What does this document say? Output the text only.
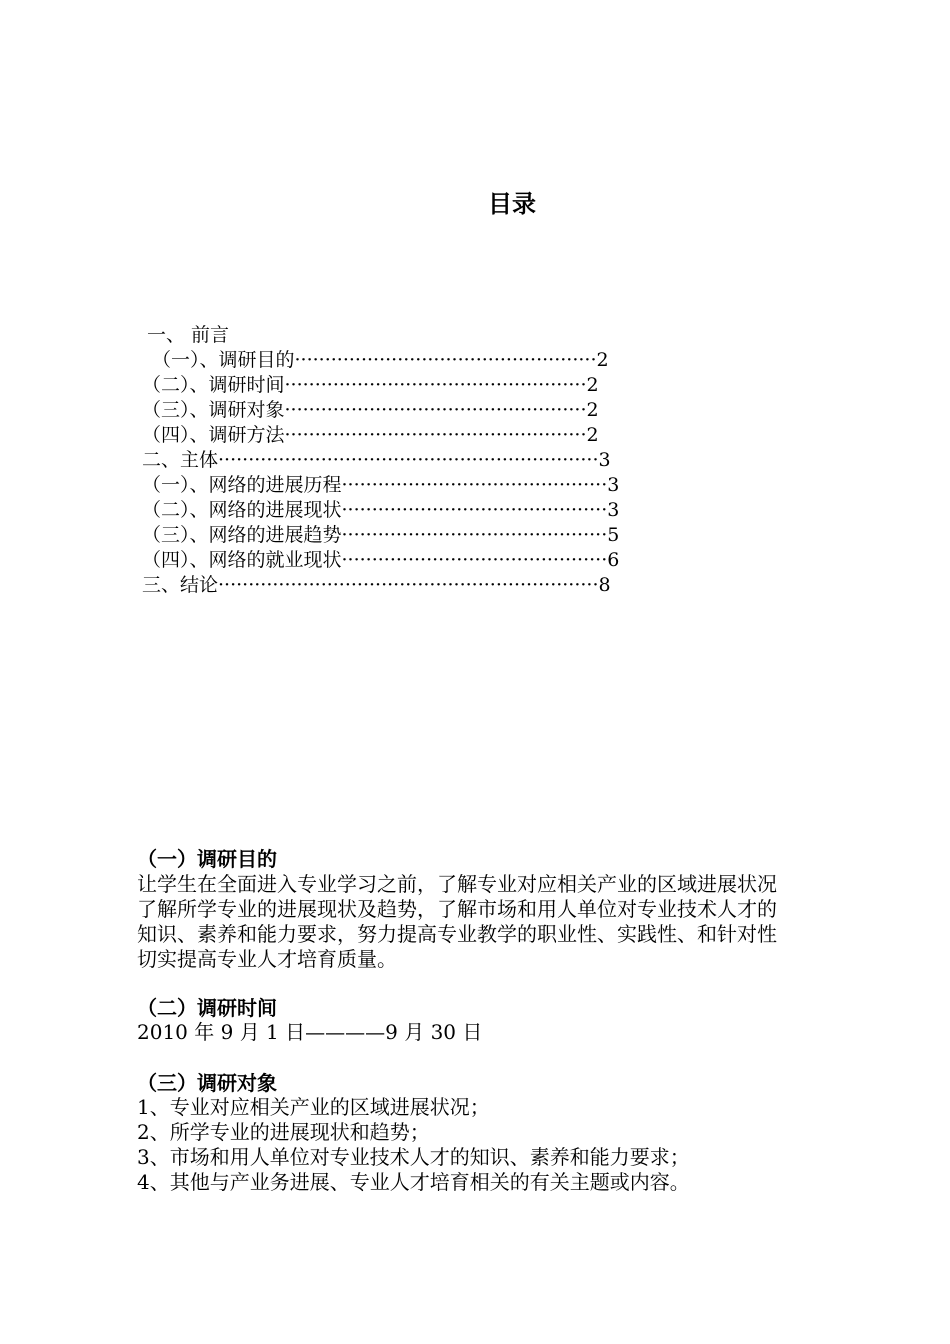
目录
一、 前言
（一）、调研目的··················································2
（二）、调研时间··················································2
（三）、调研对象··················································2
（四）、调研方法··················································2
二、主体·······························································3
（一）、网络的进展历程············································3
（二）、网络的进展现状············································3
（三）、网络的进展趋势············································5
（四）、网络的就业现状············································6
三、结论·······························································8
（一）调研目的
让学生在全面进入专业学习之前，了解专业对应相关产业的区域进展状况
了解所学专业的进展现状及趋势，了解市场和用人单位对专业技术人才的
知识、素养和能力要求，努力提高专业教学的职业性、实践性、和针对性
切实提高专业人才培育质量。
（二）调研时间
2010 年 9 月 1 日————9 月 30 日
（三）调研对象
1、专业对应相关产业的区域进展状况；
2、所学专业的进展现状和趋势；
3、市场和用人单位对专业技术人才的知识、素养和能力要求；
4、其他与产业务进展、专业人才培育相关的有关主题或内容。
